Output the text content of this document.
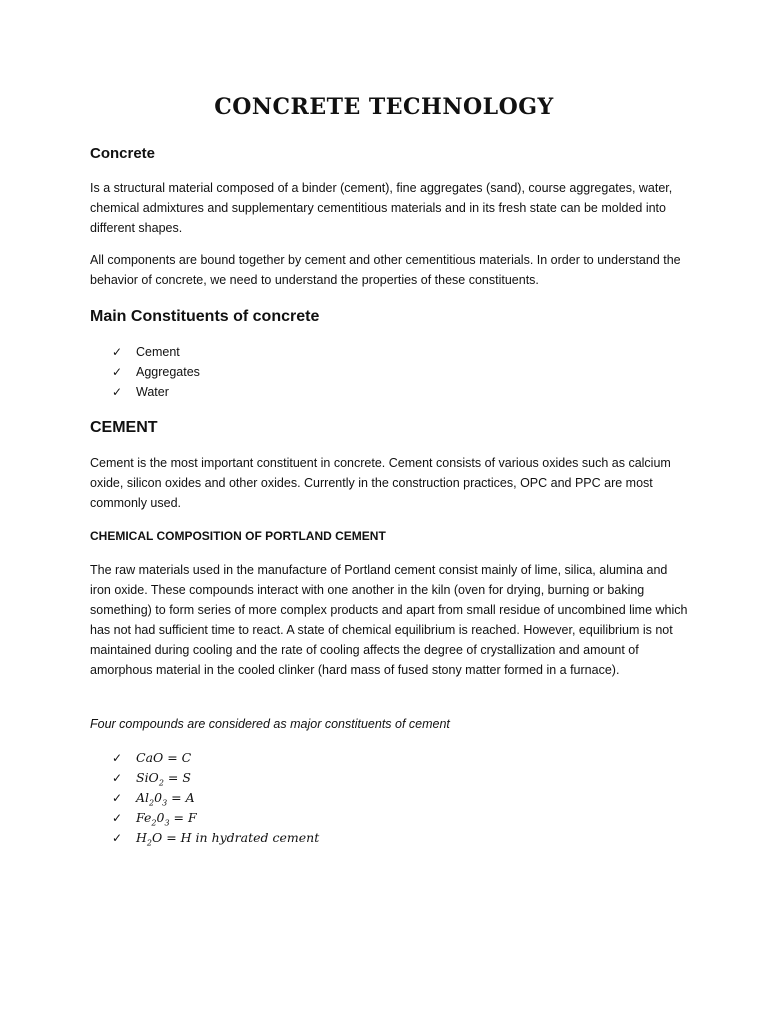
CONCRETE TECHNOLOGY
Concrete
Is a structural material composed of a binder (cement), fine aggregates (sand), course aggregates, water, chemical admixtures and supplementary cementitious materials and in its fresh state can be molded into different shapes.
All components are bound together by cement and other cementitious materials. In order to understand the behavior of concrete, we need to understand the properties of these constituents.
Main Constituents of concrete
✓ Cement
✓ Aggregates
✓ Water
CEMENT
Cement is the most important constituent in concrete. Cement consists of various oxides such as calcium oxide, silicon oxides and other oxides. Currently in the construction practices, OPC and PPC are most commonly used.
CHEMICAL COMPOSITION OF PORTLAND CEMENT
The raw materials used in the manufacture of Portland cement consist mainly of lime, silica, alumina and iron oxide. These compounds interact with one another in the kiln (oven for drying, burning or baking something) to form series of more complex products and apart from small residue of uncombined lime which has not had sufficient time to react. A state of chemical equilibrium is reached. However, equilibrium is not maintained during cooling and the rate of cooling affects the degree of crystallization and amount of amorphous material in the cooled clinker (hard mass of fused stony matter formed in a furnace).
Four compounds are considered as major constituents of cement
✓ CaO = C
✓ SiO$_2$ = S
✓ $Al_20_3 = A$
✓ $Fe_20_3 = F$
✓ $H_2O = H$ in hydrated cement
